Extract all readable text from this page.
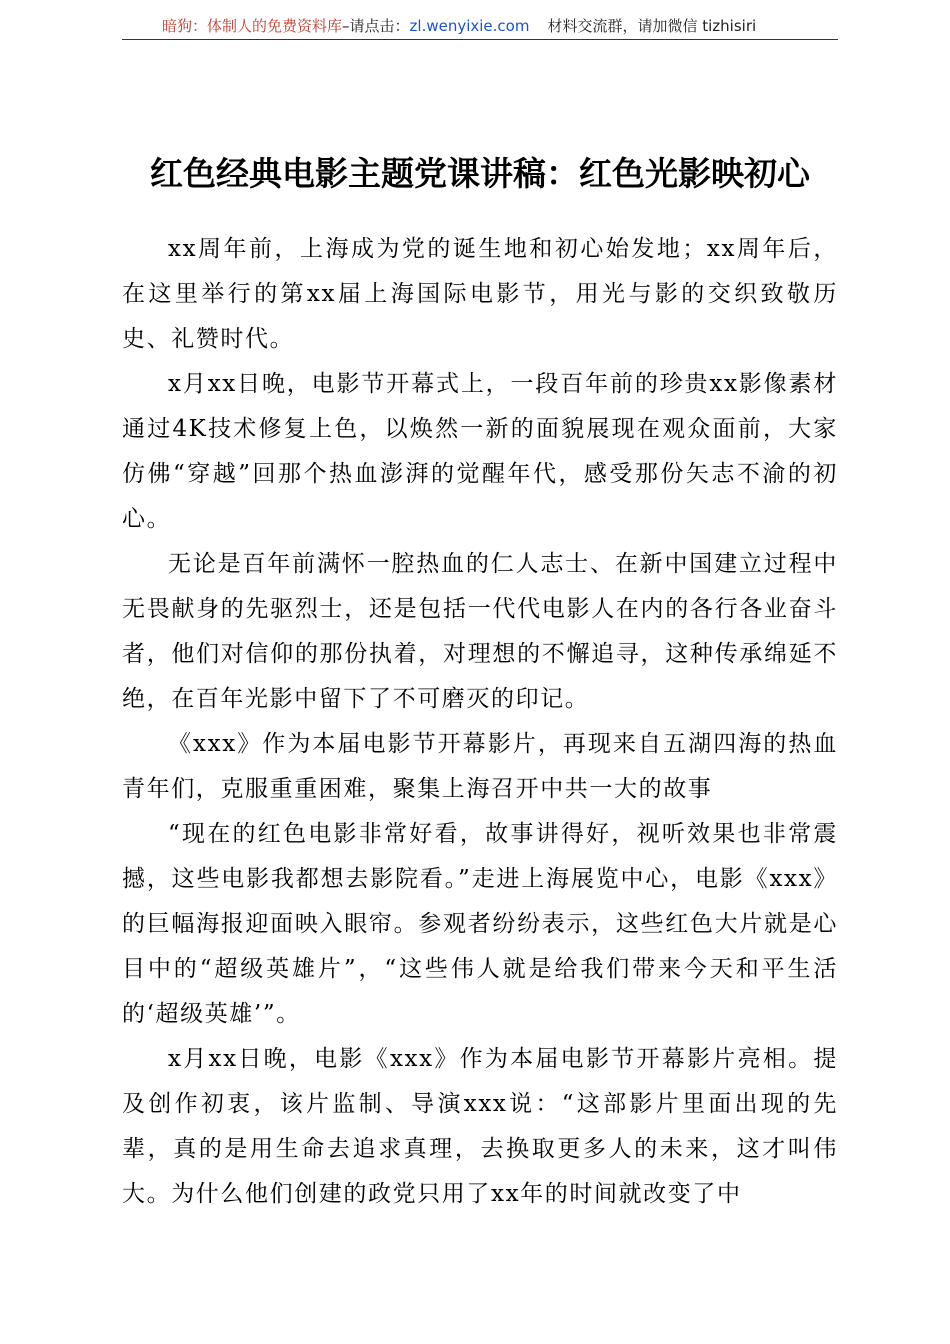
暗狗：体制人的免费资料库–请点击：zl.wenyixie.com 材料交流群，请加微信 tizhisiri
红色经典电影主题党课讲稿：红色光影映初心

xx周年前，上海成为党的诞生地和初心始发地；xx周年后，在这里举行的第xx届上海国际电影节，用光与影的交织致敬历史、礼赞时代。

x月xx日晚，电影节开幕式上，一段百年前的珍贵xx影像素材通过4K技术修复上色，以焕然一新的面貌展现在观众面前，大家仿佛“穿越”回那个热血澎湃的觉醒年代，感受那份矢志不渝的初心。

无论是百年前满怀一腔热血的仁人志士、在新中国建立过程中无畏献身的先驱烈士，还是包括一代代电影人在内的各行各业奋斗者，他们对信仰的那份执着，对理想的不懈追寻，这种传承绵延不绝，在百年光影中留下了不可磨灭的印记。

《xxx》作为本届电影节开幕影片，再现来自五湖四海的热血青年们，克服重重困难，聚集上海召开中共一大的故事

“现在的红色电影非常好看，故事讲得好，视听效果也非常震撼，这些电影我都想去影院看。”走进上海展览中心，电影《xxx》的巨幅海报迎面映入眼帘。参观者纷纷表示，这些红色大片就是心目中的“超级英雄片”，“这些伟人就是给我们带来今天和平生活的‘超级英雄’”。

x月xx日晚，电影《xxx》作为本届电影节开幕影片亮相。提及创作初衷，该片监制、导演xxx说：“这部影片里面出现的先辈，真的是用生命去追求真理，去换取更多人的未来，这才叫伟大。为什么他们创建的政党只用了xx年的时间就改变了中
